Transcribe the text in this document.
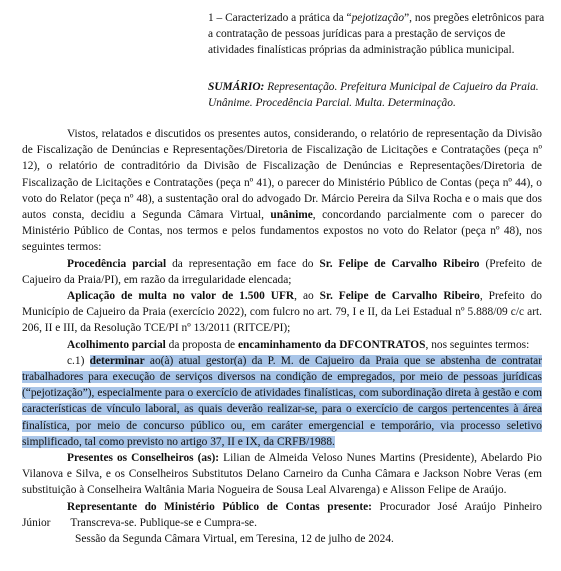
1 – Caracterizado a prática da “pejotização”, nos pregões eletrônicos para a contratação de pessoas jurídicas para a prestação de serviços de atividades finalísticas próprias da administração pública municipal.
SUMÁRIO: Representação. Prefeitura Municipal de Cajueiro da Praia. Unânime. Procedência Parcial. Multa. Determinação.

Vistos, relatados e discutidos os presentes autos, considerando, o relatório de representação da Divisão de Fiscalização de Denúncias e Representações/Diretoria de Fiscalização de Licitações e Contratações (peça nº 12), o relatório de contraditório da Divisão de Fiscalização de Denúncias e Representações/Diretoria de Fiscalização de Licitações e Contratações (peça nº 41), o parecer do Ministério Público de Contas (peça nº 44), o voto do Relator (peça nº 48), a sustentação oral do advogado Dr. Márcio Pereira da Silva Rocha e o mais que dos autos consta, decidiu a Segunda Câmara Virtual, unânime, concordando parcialmente com o parecer do Ministério Público de Contas, nos termos e pelos fundamentos expostos no voto do Relator (peça nº 48), nos seguintes termos:

Procedência parcial da representação em face do Sr. Felipe de Carvalho Ribeiro (Prefeito de Cajueiro da Praia/PI), em razão da irregularidade elencada;

Aplicação de multa no valor de 1.500 UFR, ao Sr. Felipe de Carvalho Ribeiro, Prefeito do Município de Cajueiro da Praia (exercício 2022), com fulcro no art. 79, I e II, da Lei Estadual nº 5.888/09 c/c art. 206, II e III, da Resolução TCE/PI nº 13/2011 (RITCE/PI);

Acolhimento parcial da proposta de encaminhamento da DFCONTRATOS, nos seguintes termos:

c.1) determinar ao(à) atual gestor(a) da P. M. de Cajueiro da Praia que se abstenha de contratar trabalhadores para execução de serviços diversos na condição de empregados, por meio de pessoas jurídicas (“pejotização”), especialmente para o exercício de atividades finalísticas, com subordinação direta à gestão e com características de vínculo laboral, as quais deverão realizar-se, para o exercício de cargos pertencentes à área finalística, por meio de concurso público ou, em caráter emergencial e temporário, via processo seletivo simplificado, tal como previsto no artigo 37, II e IX, da CRFB/1988.

Presentes os Conselheiros (as): Lilian de Almeida Veloso Nunes Martins (Presidente), Abelardo Pio Vilanova e Silva, e os Conselheiros Substitutos Delano Carneiro da Cunha Câmara e Jackson Nobre Veras (em substituição à Conselheira Waltânia Maria Nogueira de Sousa Leal Alvarenga) e Alisson Felipe de Araújo.

Representante do Ministério Público de Contas presente: Procurador José Araújo Pinheiro Júnior Transcreva-se. Publique-se e Cumpra-se.

Sessão da Segunda Câmara Virtual, em Teresina, 12 de julho de 2024.
